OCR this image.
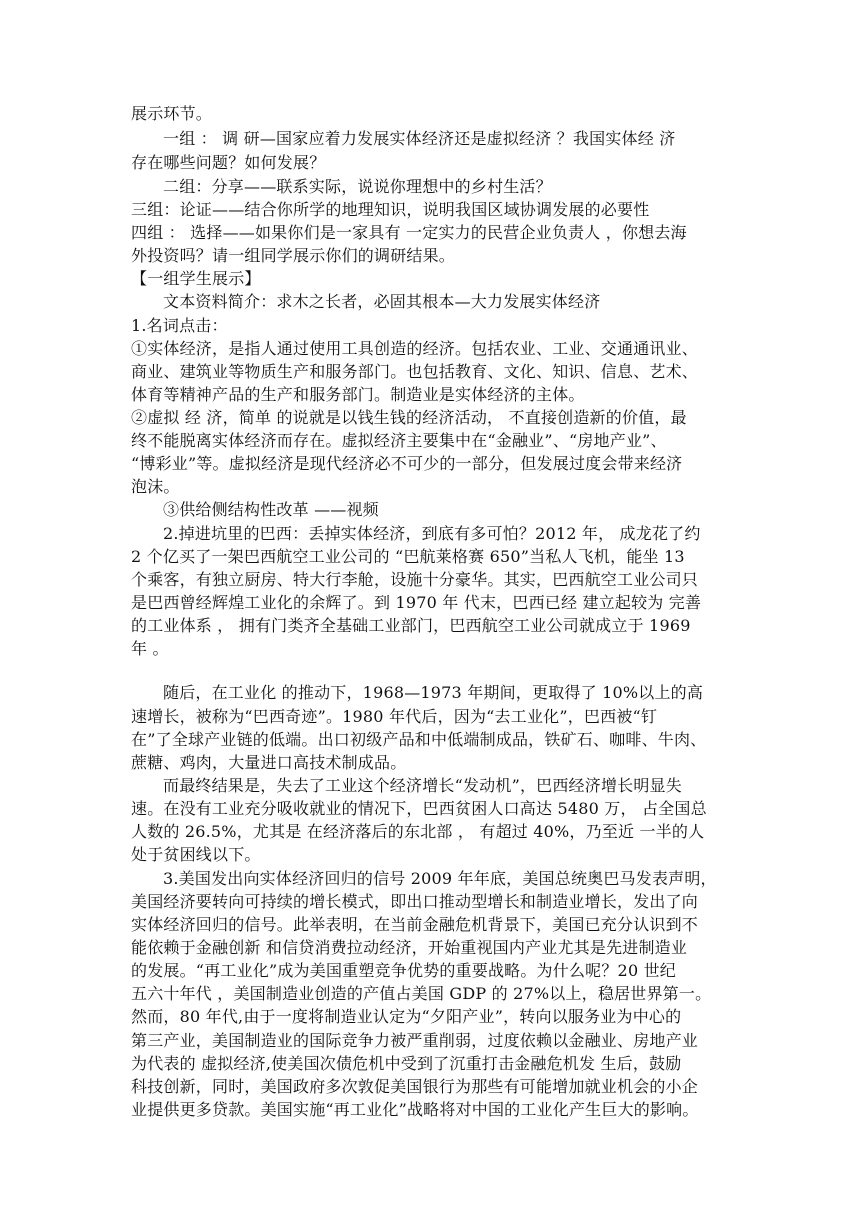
展示环节。
一组 ： 调 研—国家应着力发展实体经济还是虚拟经济 ？我国实体经 济
存在哪些问题？如何发展？
二组：分享——联系实际，说说你理想中的乡村生活？
三组：论证——结合你所学的地理知识，说明我国区域协调发展的必要性
四组 ： 选择——如果你们是一家具有 一定实力的民营企业负责人 ，你想去海
外投资吗？请一组同学展示你们的调研结果。
【一组学生展示】
文本资料简介：求木之长者，必固其根本—大力发展实体经济
1.名词点击：
①实体经济，是指人通过使用工具创造的经济。包括农业、工业、交通通讯业、
商业、建筑业等物质生产和服务部门。也包括教育、文化、知识、信息、艺术、
体育等精神产品的生产和服务部门。制造业是实体经济的主体。
②虚拟 经 济，简单 的说就是以钱生钱的经济活动， 不直接创造新的价值，最
终不能脱离实体经济而存在。虚拟经济主要集中在“金融业”、“房地产业”、
“博彩业”等。虚拟经济是现代经济必不可少的一部分，但发展过度会带来经济
泡沫。
③供给侧结构性改革 ——视频
2.掉进坑里的巴西：丢掉实体经济，到底有多可怕？2012 年， 成龙花了约
2 个亿买了一架巴西航空工业公司的 “巴航莱格赛 650”当私人飞机，能坐 13
个乘客，有独立厨房、特大行李舱，设施十分豪华。其实，巴西航空工业公司只
是巴西曾经辉煌工业化的余辉了。到 1970 年 代末，巴西已经 建立起较为 完善
的工业体系 ， 拥有门类齐全基础工业部门，巴西航空工业公司就成立于 1969
年 。
随后，在工业化 的推动下，1968—1973 年期间，更取得了 10%以上的高
速增长，被称为“巴西奇迹”。1980 年代后，因为“去工业化”，巴西被“钉
在”了全球产业链的低端。出口初级产品和中低端制成品，铁矿石、咖啡、牛肉、
蔗糖、鸡肉，大量进口高技术制成品。
而最终结果是，失去了工业这个经济增长“发动机”，巴西经济增长明显失
速。在没有工业充分吸收就业的情况下，巴西贫困人口高达 5480 万， 占全国总
人数的 26.5%，尤其是 在经济落后的东北部 ， 有超过 40%，乃至近 一半的人
处于贫困线以下。
3.美国发出向实体经济回归的信号 2009 年年底，美国总统奥巴马发表声明，
美国经济要转向可持续的增长模式，即出口推动型增长和制造业增长，发出了向
实体经济回归的信号。此举表明，在当前金融危机背景下，美国已充分认识到不
能依赖于金融创新 和信贷消费拉动经济，开始重视国内产业尤其是先进制造业
的发展。“再工业化”成为美国重塑竞争优势的重要战略。为什么呢？20 世纪
五六十年代 ，美国制造业创造的产值占美国 GDP 的 27%以上，稳居世界第一。
然而，80 年代,由于一度将制造业认定为“夕阳产业”，转向以服务业为中心的
第三产业，美国制造业的国际竞争力被严重削弱，过度依赖以金融业、房地产业
为代表的 虚拟经济,使美国次债危机中受到了沉重打击金融危机发 生后，鼓励
科技创新，同时，美国政府多次敦促美国银行为那些有可能增加就业机会的小企
业提供更多贷款。美国实施“再工业化”战略将对中国的工业化产生巨大的影响。
